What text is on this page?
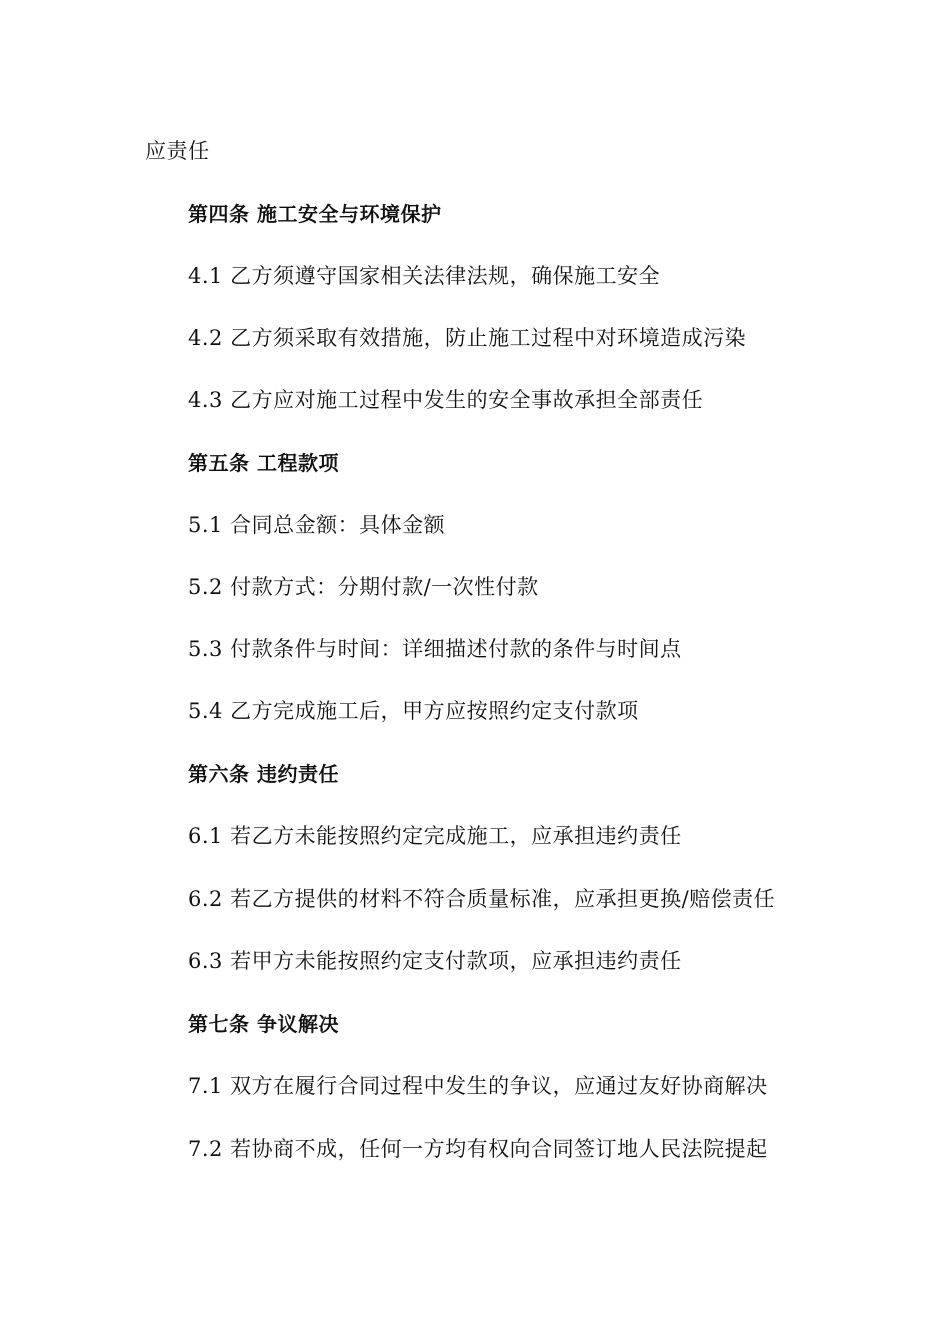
应责任
第四条 施工安全与环境保护
4.1 乙方须遵守国家相关法律法规，确保施工安全
4.2 乙方须采取有效措施，防止施工过程中对环境造成污染
4.3 乙方应对施工过程中发生的安全事故承担全部责任
第五条 工程款项
5.1 合同总金额：具体金额
5.2 付款方式：分期付款/一次性付款
5.3 付款条件与时间：详细描述付款的条件与时间点
5.4 乙方完成施工后，甲方应按照约定支付款项
第六条 违约责任
6.1 若乙方未能按照约定完成施工，应承担违约责任
6.2 若乙方提供的材料不符合质量标准，应承担更换/赔偿责任
6.3 若甲方未能按照约定支付款项，应承担违约责任
第七条 争议解决
7.1 双方在履行合同过程中发生的争议，应通过友好协商解决
7.2 若协商不成，任何一方均有权向合同签订地人民法院提起
